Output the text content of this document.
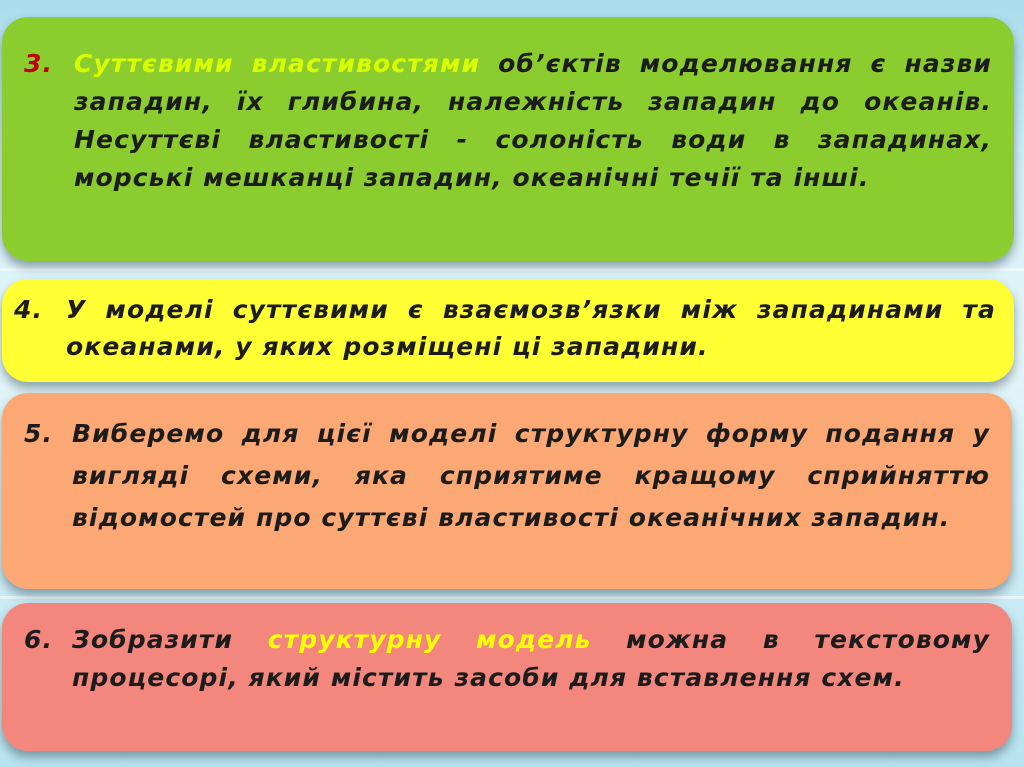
3. Суттєвими властивостями об’єктів моделювання є назви западин, їх глибина, належність западин до океанів. Несуттєві властивості - солоність води в западинах, морські мешканці западин, океанічні течії та інші.
4. У моделі суттєвими є взаємозв’язки між западинами та океанами, у яких розміщені ці западини.
5. Виберемо для цієї моделі структурну форму подання у вигляді схеми, яка сприятиме кращому сприйняттю відомостей про суттєві властивості океанічних западин.
6. Зобразити структурну модель можна в текстовому процесорі, який містить засоби для вставлення схем.
